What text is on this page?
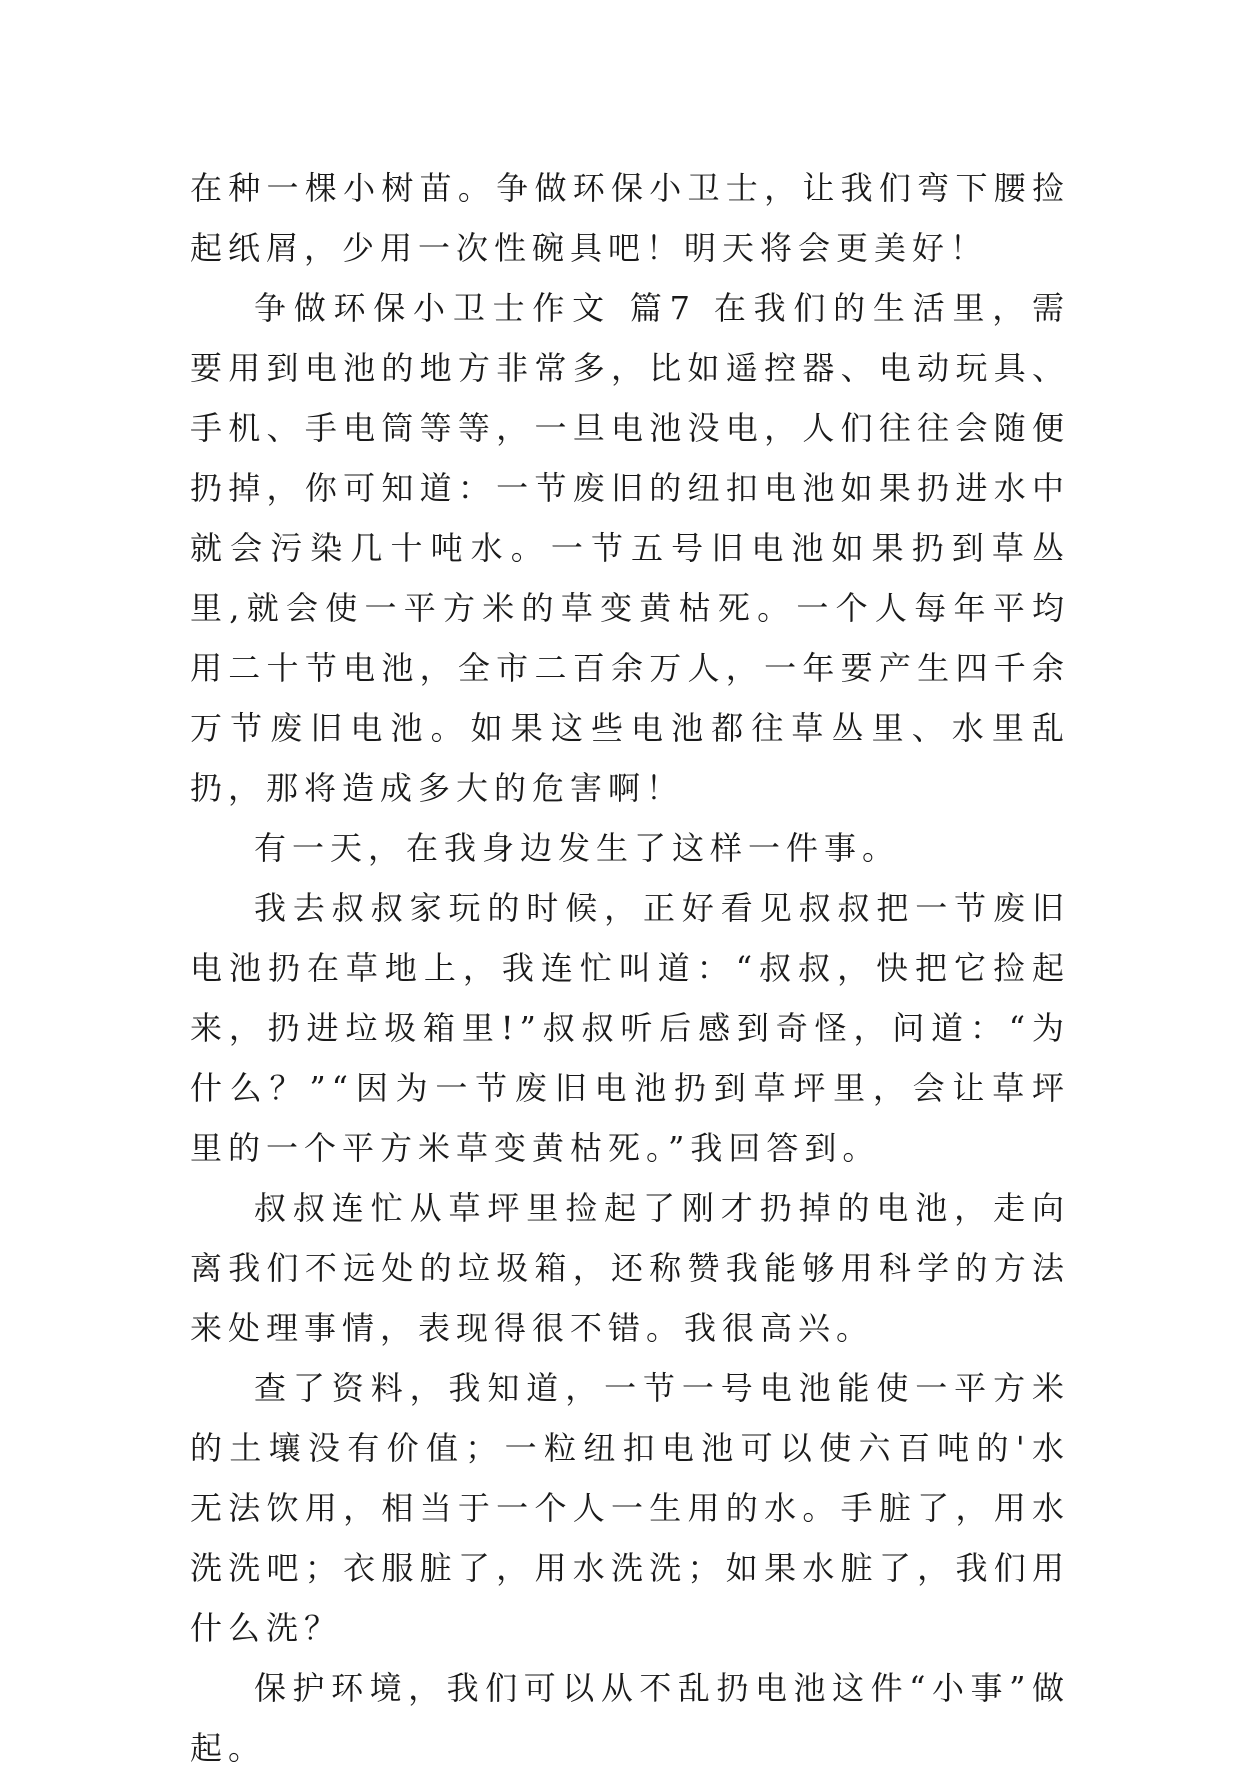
在种一棵小树苗。争做环保小卫士，让我们弯下腰捡起纸屑，少用一次性碗具吧！明天将会更美好！

争做环保小卫士作文 篇7 在我们的生活里，需要用到电池的地方非常多，比如遥控器、电动玩具、手机、手电筒等等，一旦电池没电，人们往往会随便扔掉，你可知道：一节废旧的纽扣电池如果扔进水中就会污染几十吨水。一节五号旧电池如果扔到草丛里,就会使一平方米的草变黄枯死。一个人每年平均用二十节电池，全市二百余万人，一年要产生四千余万节废旧电池。如果这些电池都往草丛里、水里乱扔，那将造成多大的危害啊！

有一天，在我身边发生了这样一件事。

我去叔叔家玩的时候，正好看见叔叔把一节废旧电池扔在草地上，我连忙叫道：“叔叔，快把它捡起来，扔进垃圾箱里!”叔叔听后感到奇怪，问道：“为什么？”“因为一节废旧电池扔到草坪里，会让草坪里的一个平方米草变黄枯死。”我回答到。

叔叔连忙从草坪里捡起了刚才扔掉的电池，走向离我们不远处的垃圾箱，还称赞我能够用科学的方法来处理事情，表现得很不错。我很高兴。

查了资料，我知道，一节一号电池能使一平方米的土壤没有价值；一粒纽扣电池可以使六百吨的'水无法饮用，相当于一个人一生用的水。手脏了，用水洗洗吧；衣服脏了，用水洗洗；如果水脏了，我们用什么洗？

保护环境，我们可以从不乱扔电池这件“小事”做起。
